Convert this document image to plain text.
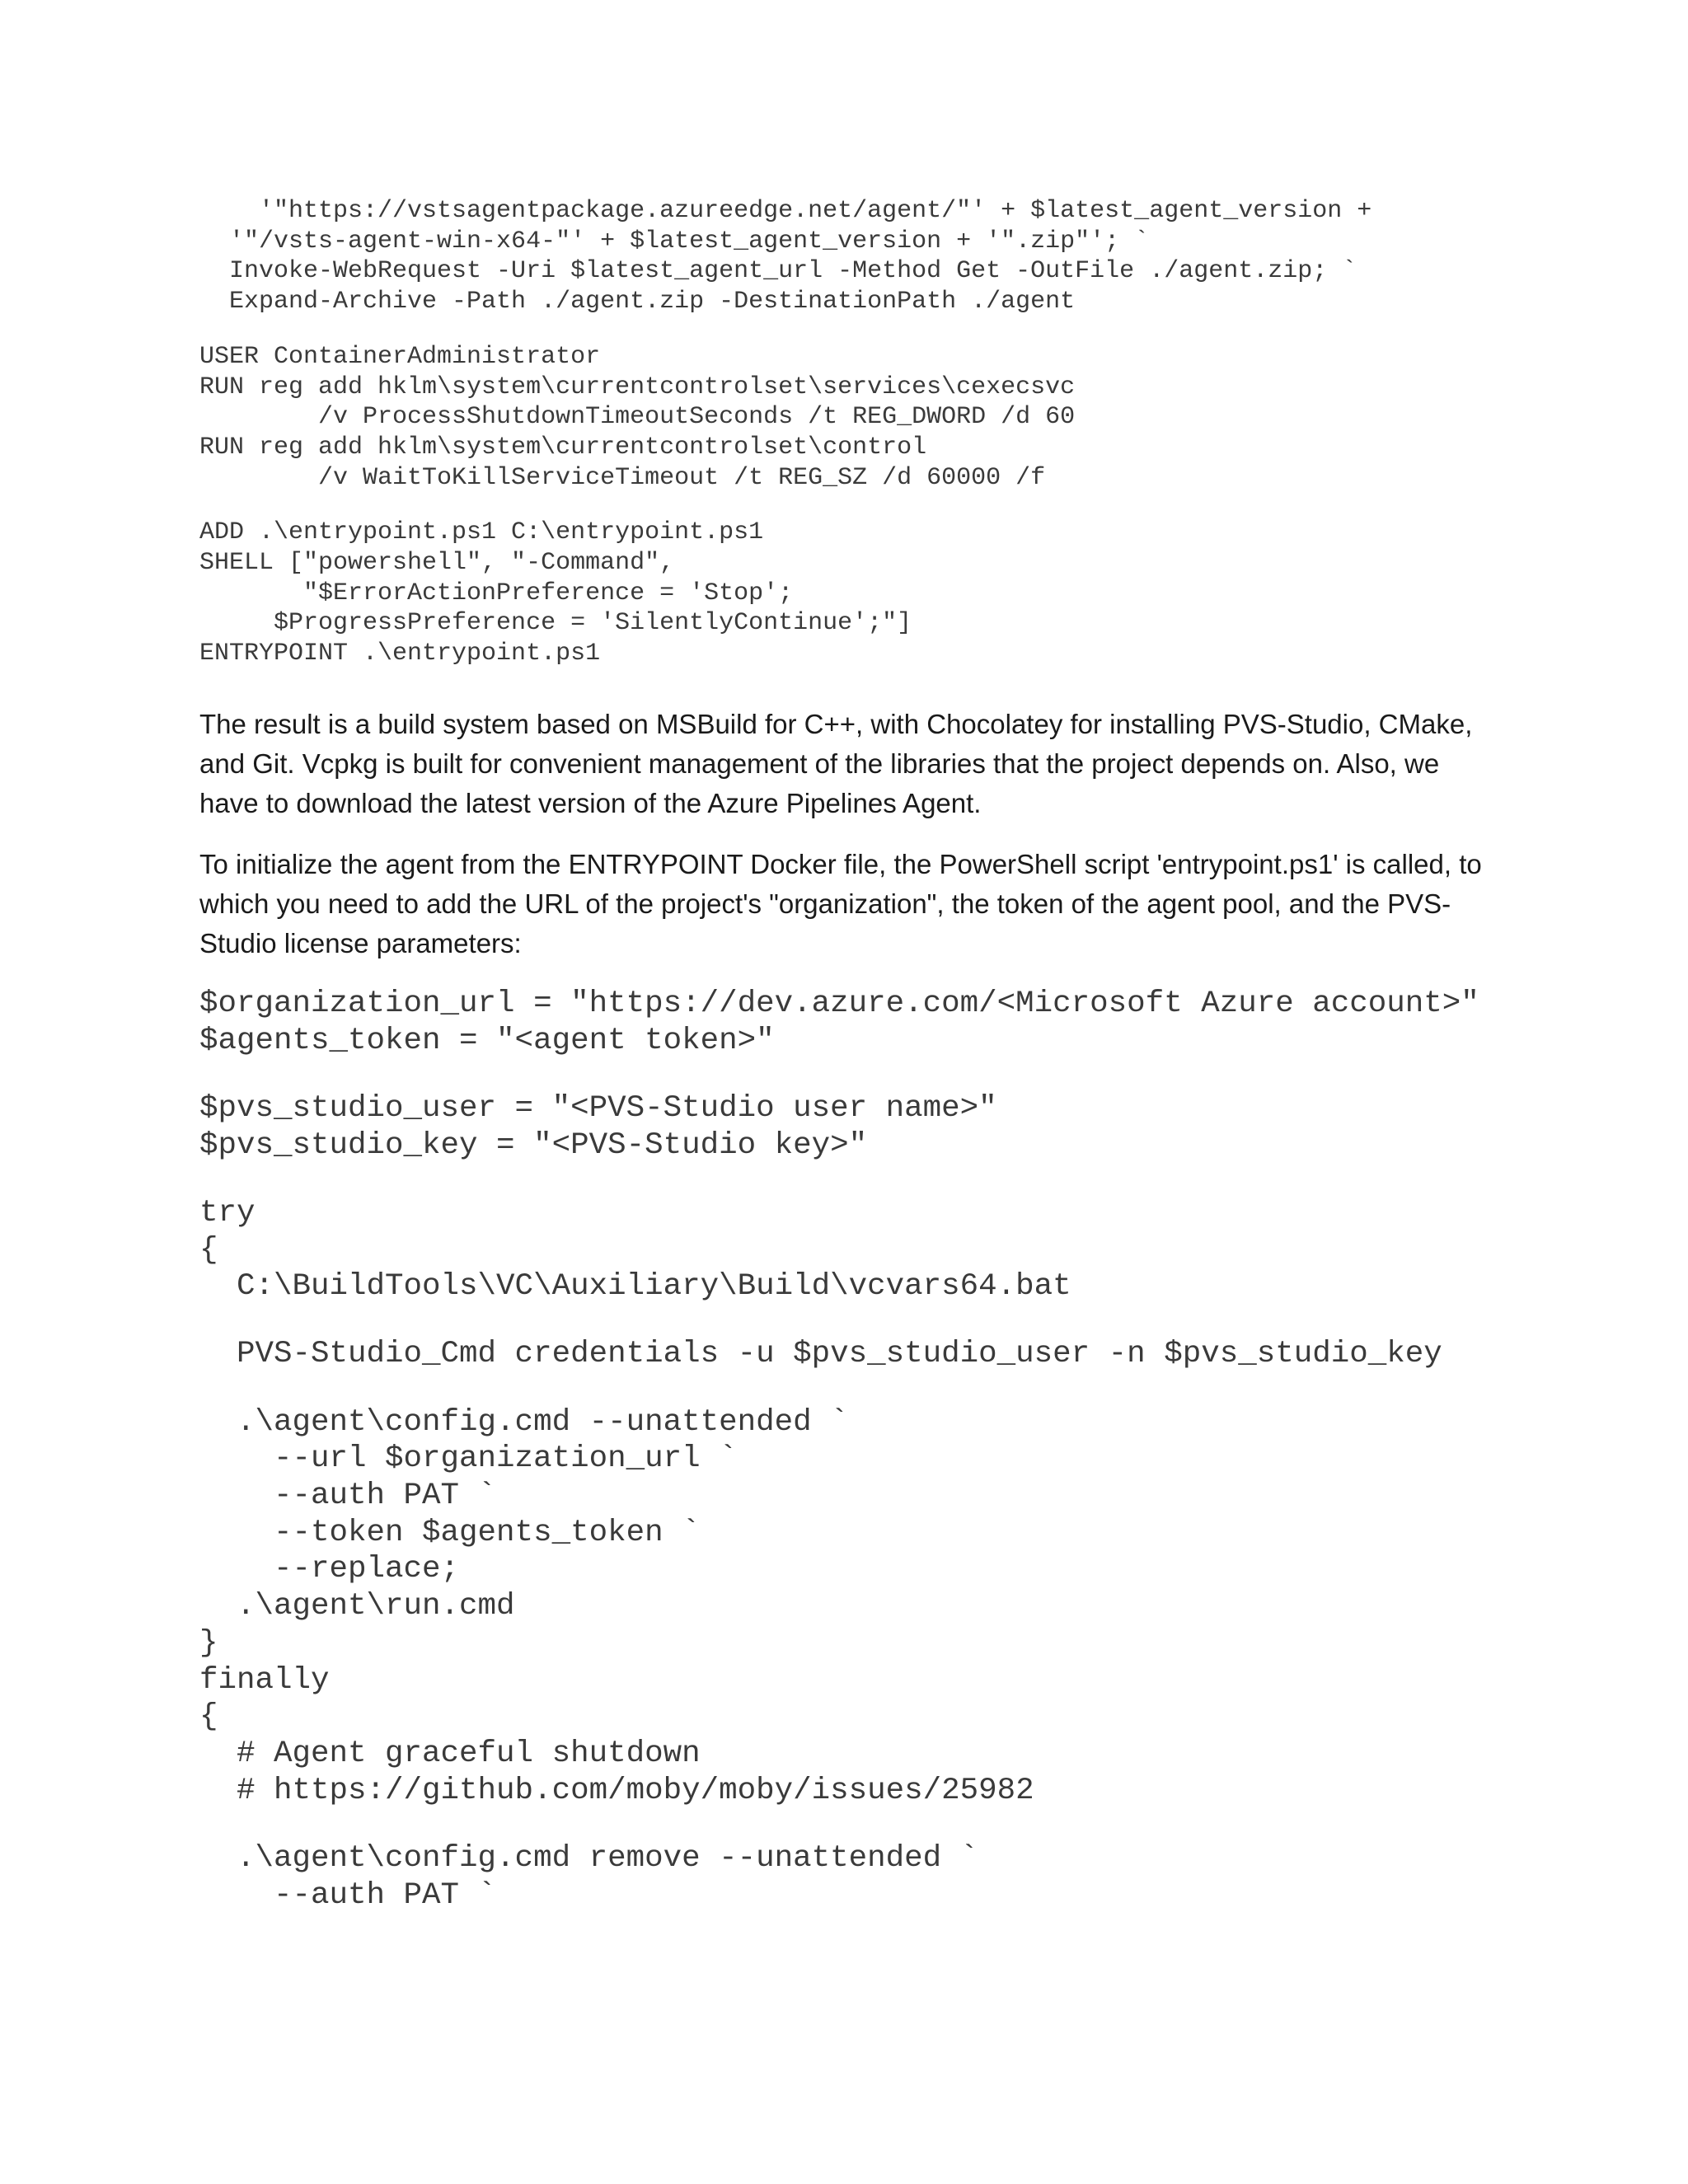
'"https://vstsagentpackage.azureedge.net/agent/"' + $latest_agent_version +
'"/vsts-agent-win-x64-"' + $latest_agent_version + '".zip"'; `
Invoke-WebRequest -Uri $latest_agent_url -Method Get -OutFile ./agent.zip; `
Expand-Archive -Path ./agent.zip -DestinationPath ./agent
USER ContainerAdministrator
RUN reg add hklm\system\currentcontrolset\services\cexecsvc
/v ProcessShutdownTimeoutSeconds /t REG_DWORD /d 60
RUN reg add hklm\system\currentcontrolset\control
/v WaitToKillServiceTimeout /t REG_SZ /d 60000 /f
ADD .\entrypoint.ps1 C:\entrypoint.ps1
SHELL ["powershell", "-Command",
"$ErrorActionPreference = 'Stop';
$ProgressPreference = 'SilentlyContinue';"]
ENTRYPOINT .\entrypoint.ps1

The result is a build system based on MSBuild for C++, with Chocolatey for installing PVS-Studio, CMake, and Git. Vcpkg is built for convenient management of the libraries that the project depends on. Also, we have to download the latest version of the Azure Pipelines Agent.

To initialize the agent from the ENTRYPOINT Docker file, the PowerShell script 'entrypoint.ps1' is called, to which you need to add the URL of the project's "organization", the token of the agent pool, and the PVS-Studio license parameters:

$organization_url = "https://dev.azure.com/<Microsoft Azure account>"
$agents_token = "<agent token>"
$pvs_studio_user = "<PVS-Studio user name>"
$pvs_studio_key = "<PVS-Studio key>"
try
{
C:\BuildTools\VC\Auxiliary\Build\vcvars64.bat
PVS-Studio_Cmd credentials -u $pvs_studio_user -n $pvs_studio_key
.\agent\config.cmd --unattended `
--url $organization_url `
--auth PAT `
--token $agents_token `
--replace;
.\agent\run.cmd
}
finally
{
# Agent graceful shutdown
# https://github.com/moby/moby/issues/25982
.\agent\config.cmd remove --unattended `
--auth PAT `
